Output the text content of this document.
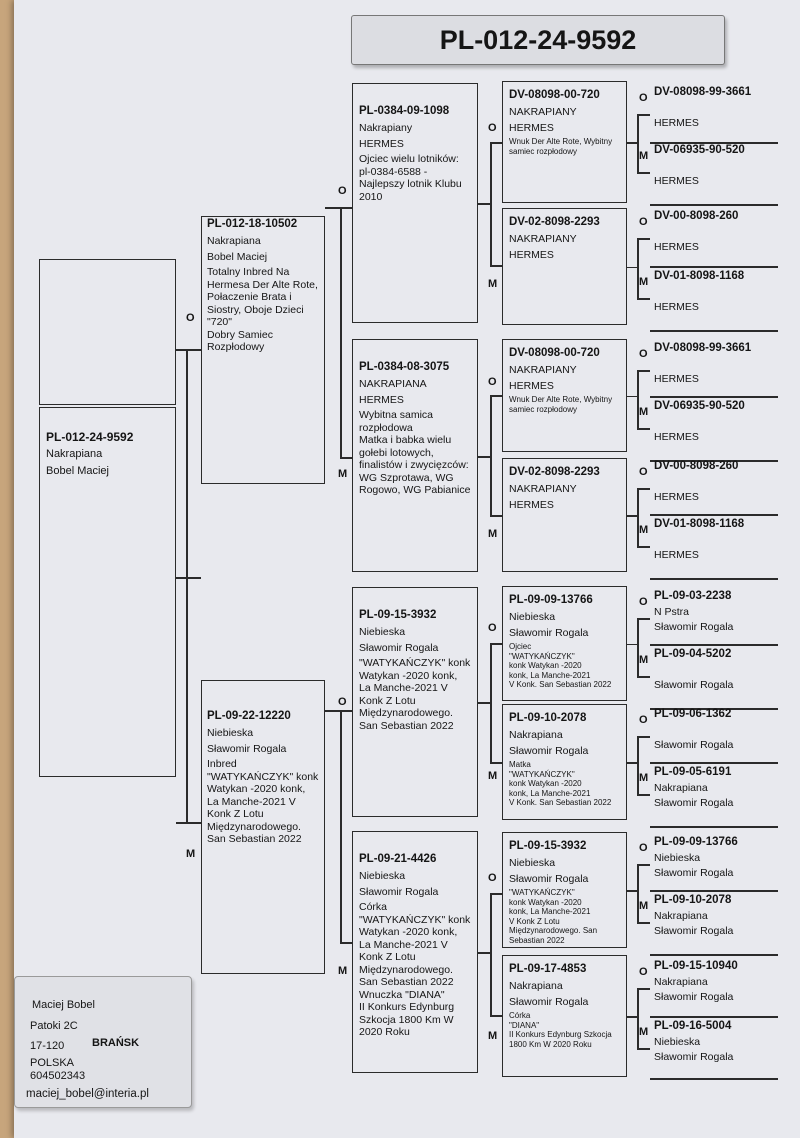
PL-012-24-9592
PL-012-24-9592
Nakrapiana
Bobel Maciej
Maciej Bobel
Patoki 2C
17-120	BRAŃSK
POLSKA
604502343
maciej_bobel@interia.pl
PL-012-18-10502
Nakrapiana
Bobel Maciej
Totalny Inbred Na Hermesa Der Alte Rote, Połaczenie Brata i Siostry, Oboje Dzieci "720"
Dobry Samiec Rozpłodowy
O
PL-09-22-12220
Niebieska
Sławomir Rogala
Inbred "WATYKAŃCZYK" konk Watykan -2020 konk, La Manche-2021 V Konk Z Lotu Międzynarodowego. San Sebastian 2022
M
PL-0384-09-1098
Nakrapiany
HERMES
Ojciec wielu lotników: pl-0384-6588 - Najlepszy lotnik Klubu 2010
O
PL-0384-08-3075
NAKRAPIANA
HERMES
Wybitna samica rozpłodowa
Matka i babka wielu gołebi lotowych, finalistów i zwycięzców:
WG Szprotawa, WG Rogowo, WG Pabianice
M
PL-09-15-3932
Niebieska
Sławomir Rogala
"WATYKAŃCZYK" konk Watykan -2020 konk, La Manche-2021 V Konk Z Lotu Międzynarodowego. San Sebastian 2022
O
PL-09-21-4426
Niebieska
Sławomir Rogala
Córka "WATYKAŃCZYK" konk Watykan -2020 konk, La Manche-2021 V Konk Z Lotu Międzynarodowego. San Sebastian 2022
Wnuczka "DIANA"
II Konkurs Edynburg Szkocja 1800 Km W 2020 Roku
M
DV-08098-00-720
NAKRAPIANY
HERMES
Wnuk Der Alte Rote, Wybitny samiec rozpłodowy
O
DV-02-8098-2293
NAKRAPIANY
HERMES
M
DV-08098-00-720
NAKRAPIANY
HERMES
Wnuk Der Alte Rote, Wybitny samiec rozpłodowy
O
DV-02-8098-2293
NAKRAPIANY
HERMES
M
PL-09-09-13766
Niebieska
Sławomir Rogala
Ojciec
"WATYKAŃCZYK"
konk Watykan -2020
konk, La Manche-2021
V Konk. San Sebastian 2022
O
PL-09-10-2078
Nakrapiana
Sławomir Rogala
Matka
"WATYKAŃCZYK"
konk Watykan -2020
konk, La Manche-2021
V Konk. San Sebastian 2022
M
PL-09-15-3932
Niebieska
Sławomir Rogala
"WATYKAŃCZYK"
konk Watykan -2020
konk, La Manche-2021
V Konk Z Lotu
Międzynarodowego. San Sebastian 2022
O
PL-09-17-4853
Nakrapiana
Sławomir Rogala
Córka
"DIANA"
II Konkurs Edynburg Szkocja
1800 Km W 2020 Roku
M
DV-08098-99-3661

HERMES
O
DV-06935-90-520

HERMES
M
DV-00-8098-260

HERMES
O
DV-01-8098-1168

HERMES
M
DV-08098-99-3661

HERMES
O
DV-06935-90-520

HERMES
M
DV-00-8098-260

HERMES
O
DV-01-8098-1168

HERMES
M
PL-09-03-2238
N Pstra
Sławomir Rogala
O
PL-09-04-5202

Sławomir Rogala
M
PL-09-06-1362

Sławomir Rogala
O
PL-09-05-6191
Nakrapiana
Sławomir Rogala
M
PL-09-09-13766
Niebieska
Sławomir Rogala
O
PL-09-10-2078
Nakrapiana
Sławomir Rogala
M
PL-09-15-10940
Nakrapiana
Sławomir Rogala
O
PL-09-16-5004
Niebieska
Sławomir Rogala
M
